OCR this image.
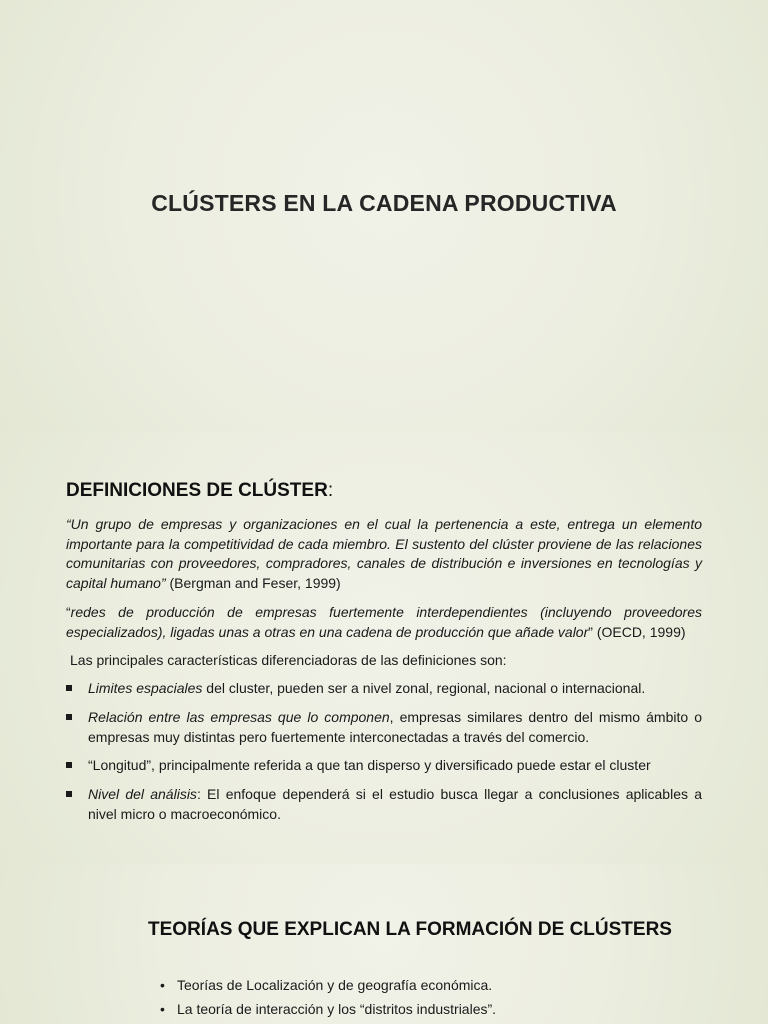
CLÚSTERS EN LA CADENA PRODUCTIVA
DEFINICIONES DE CLÚSTER:
“Un grupo de empresas y organizaciones en el cual la pertenencia a este, entrega un elemento importante para la competitividad de cada miembro. El sustento del clúster proviene de las relaciones comunitarias con proveedores, compradores, canales de distribución e inversiones en tecnologías y capital humano” (Bergman and Feser, 1999)
“redes de producción de empresas fuertemente interdependientes (incluyendo proveedores especializados), ligadas unas a otras en una cadena de producción que añade valor” (OECD, 1999)
Las principales características diferenciadoras de las definiciones son:
Limites espaciales del cluster, pueden ser a nivel zonal, regional, nacional o internacional.
Relación entre las empresas que lo componen, empresas similares dentro del mismo ámbito o empresas muy distintas pero fuertemente interconectadas a través del comercio.
“Longitud”, principalmente referida a que tan disperso y diversificado puede estar el cluster
Nivel del análisis: El enfoque dependerá si el estudio busca llegar a conclusiones aplicables a nivel micro o macroeconómico.
TEORÍAS QUE EXPLICAN LA FORMACIÓN DE CLÚSTERS
• Teorías de Localización y de geografía económica.
• La teoría de interacción y los “distritos industriales”.
